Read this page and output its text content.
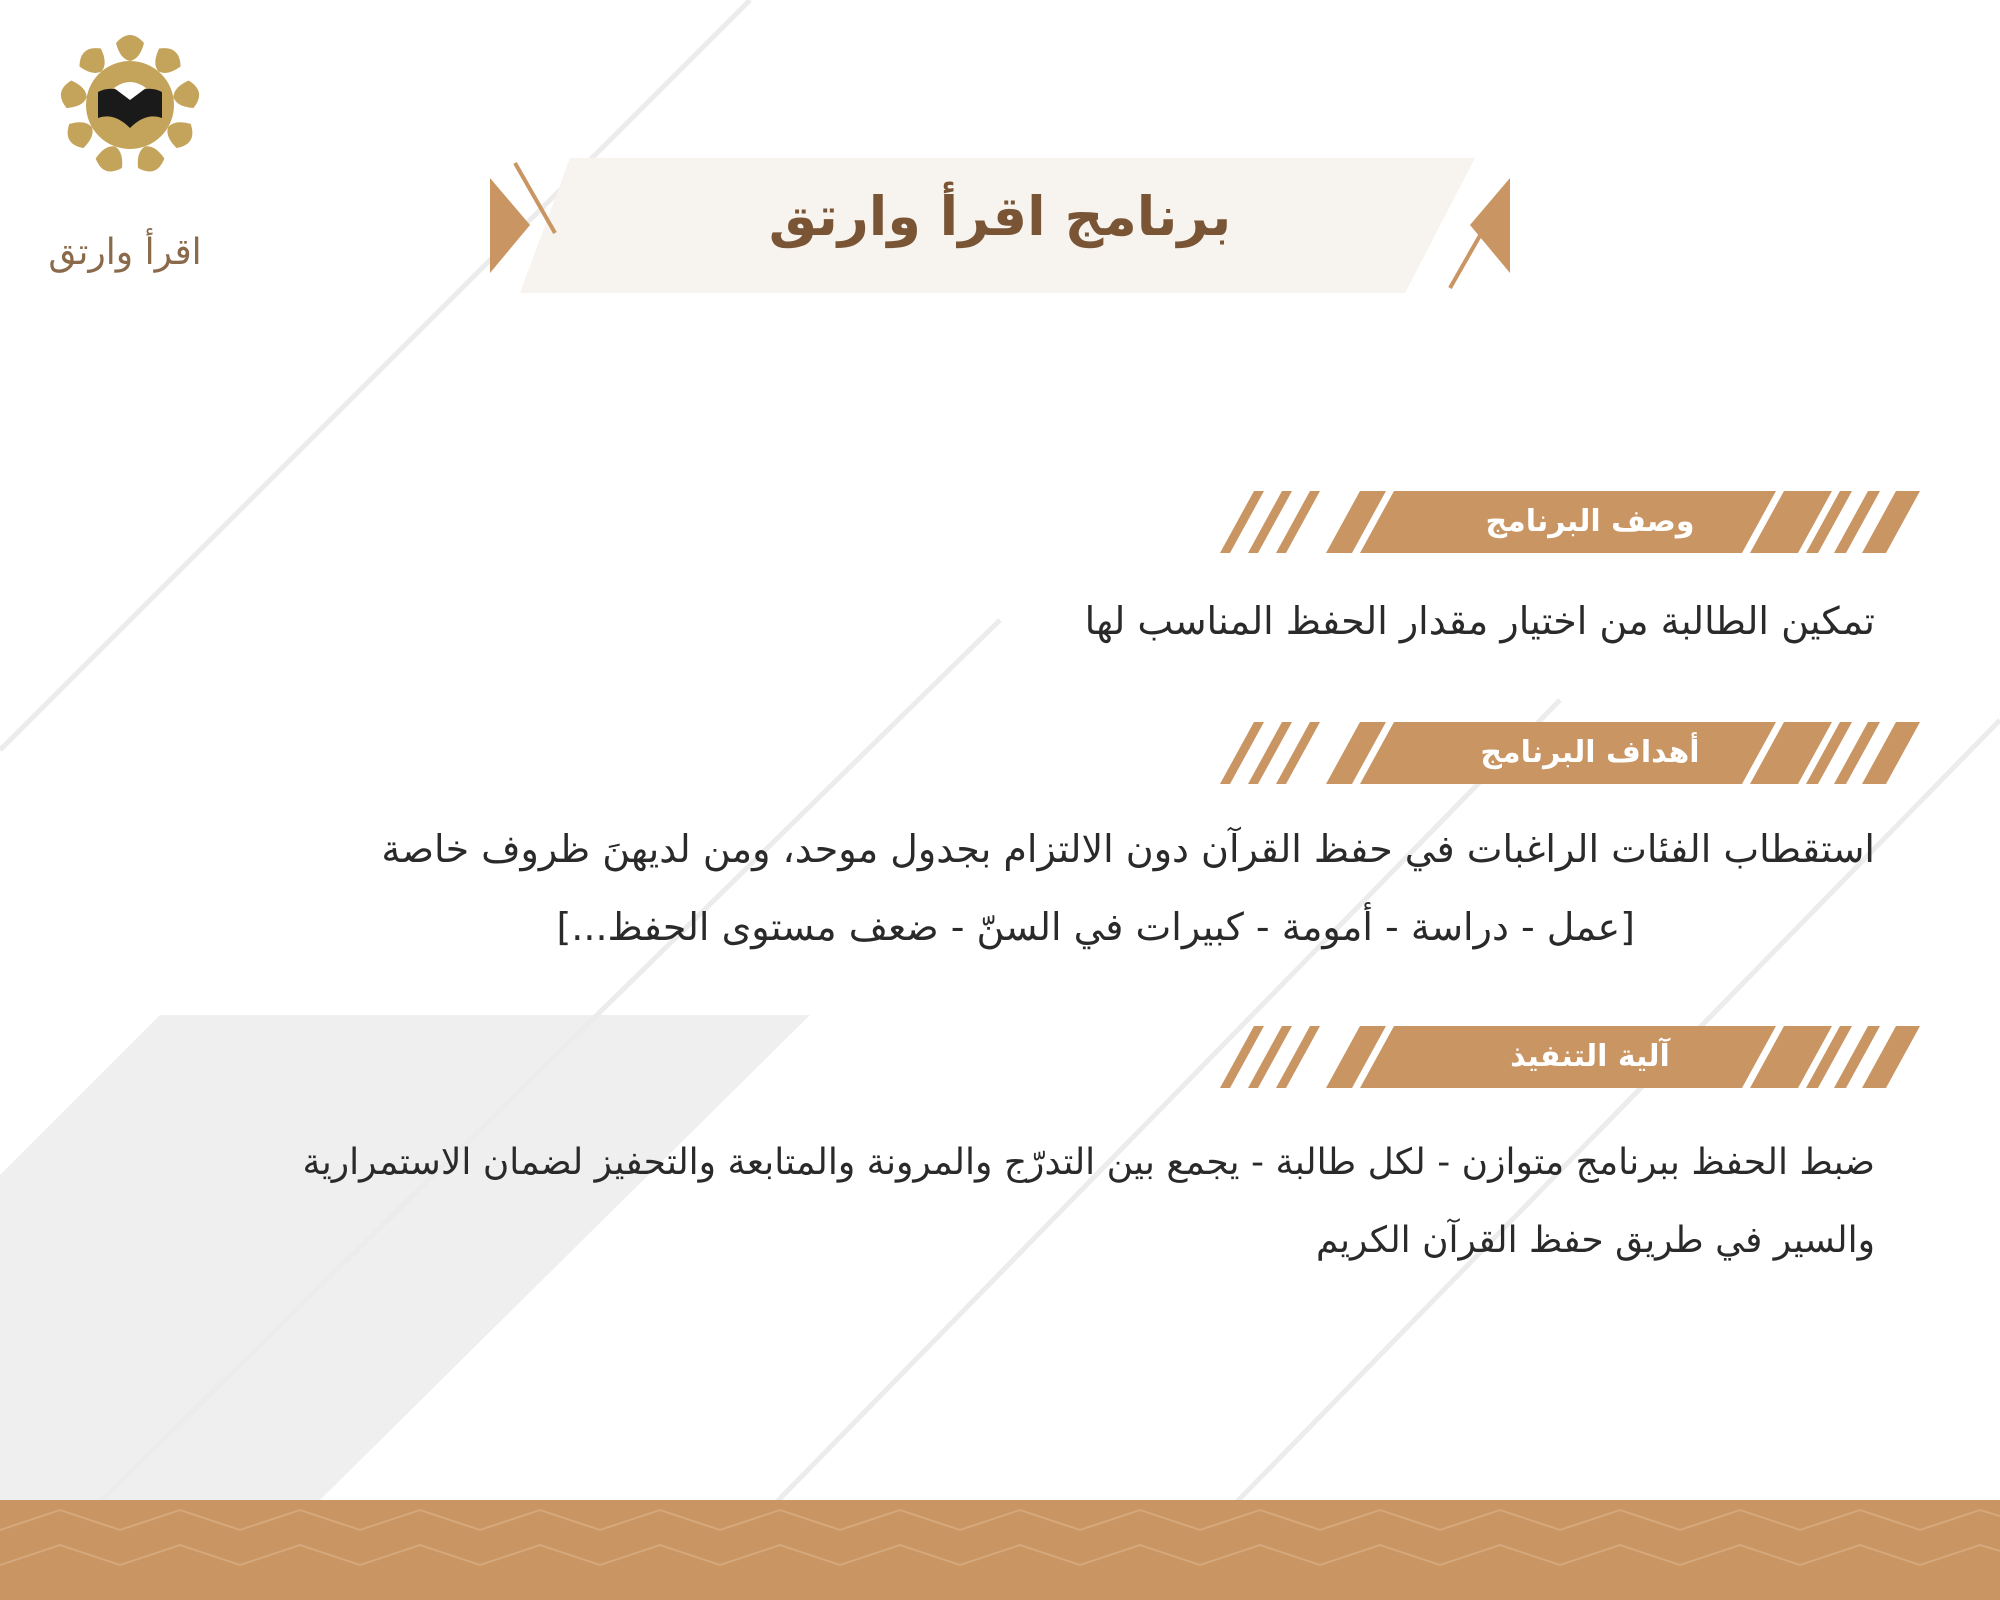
اقرأ وارتق
برنامج اقرأ وارتق
وصف البرنامج
تمكين الطالبة من اختيار مقدار الحفظ المناسب لها
أهداف البرنامج
استقطاب الفئات الراغبات في حفظ القرآن دون الالتزام بجدول موحد، ومن لديهنَ ظروف خاصة
[عمل - دراسة - أمومة - كبيرات في السنّ - ضعف مستوى الحفظ...]
آلية التنفيذ
ضبط الحفظ ببرنامج متوازن - لكل طالبة - يجمع بين التدرّج والمرونة والمتابعة والتحفيز لضمان الاستمرارية
والسير في طريق حفظ القرآن الكريم
